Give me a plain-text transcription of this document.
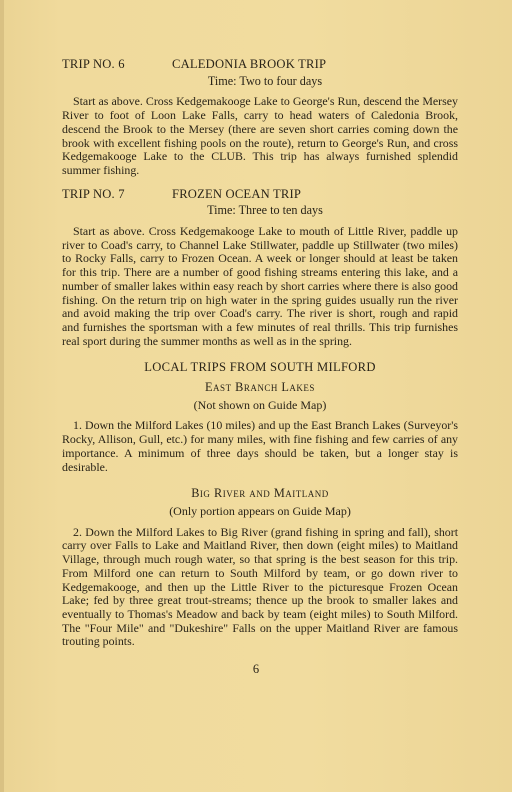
TRIP NO. 6	CALEDONIA BROOK TRIP
Time: Two to four days

Start as above. Cross Kedgemakooge Lake to George's Run, descend the Mersey River to foot of Loon Lake Falls, carry to head waters of Caledonia Brook, descend the Brook to the Mersey (there are seven short carries coming down the brook with excellent fishing pools on the route), return to George's Run, and cross Kedgemakooge Lake to the CLUB. This trip has always furnished splendid summer fishing.

TRIP NO. 7	FROZEN OCEAN TRIP
Time: Three to ten days

Start as above. Cross Kedgemakooge Lake to mouth of Little River, paddle up river to Coad's carry, to Channel Lake Stillwater, paddle up Stillwater (two miles) to Rocky Falls, carry to Frozen Ocean. A week or longer should at least be taken for this trip. There are a number of good fishing streams entering this lake, and a number of smaller lakes within easy reach by short carries where there is also good fishing. On the return trip on high water in the spring guides usually run the river and avoid making the trip over Coad's carry. The river is short, rough and rapid and furnishes the sportsman with a few minutes of real thrills. This trip furnishes real sport during the summer months as well as in the spring.

LOCAL TRIPS FROM SOUTH MILFORD
East Branch Lakes
(Not shown on Guide Map)

1. Down the Milford Lakes (10 miles) and up the East Branch Lakes (Surveyor's Rocky, Allison, Gull, etc.) for many miles, with fine fishing and few carries of any importance. A minimum of three days should be taken, but a longer stay is desirable.

Big River and Maitland
(Only portion appears on Guide Map)

2. Down the Milford Lakes to Big River (grand fishing in spring and fall), short carry over Falls to Lake and Maitland River, then down (eight miles) to Maitland Village, through much rough water, so that spring is the best season for this trip. From Milford one can return to South Milford by team, or go down river to Kedgemakooge, and then up the Little River to the picturesque Frozen Ocean Lake; fed by three great trout-streams; thence up the brook to smaller lakes and eventually to Thomas's Meadow and back by team (eight miles) to South Milford. The "Four Mile" and "Dukeshire" Falls on the upper Maitland River are famous trouting points.

6
